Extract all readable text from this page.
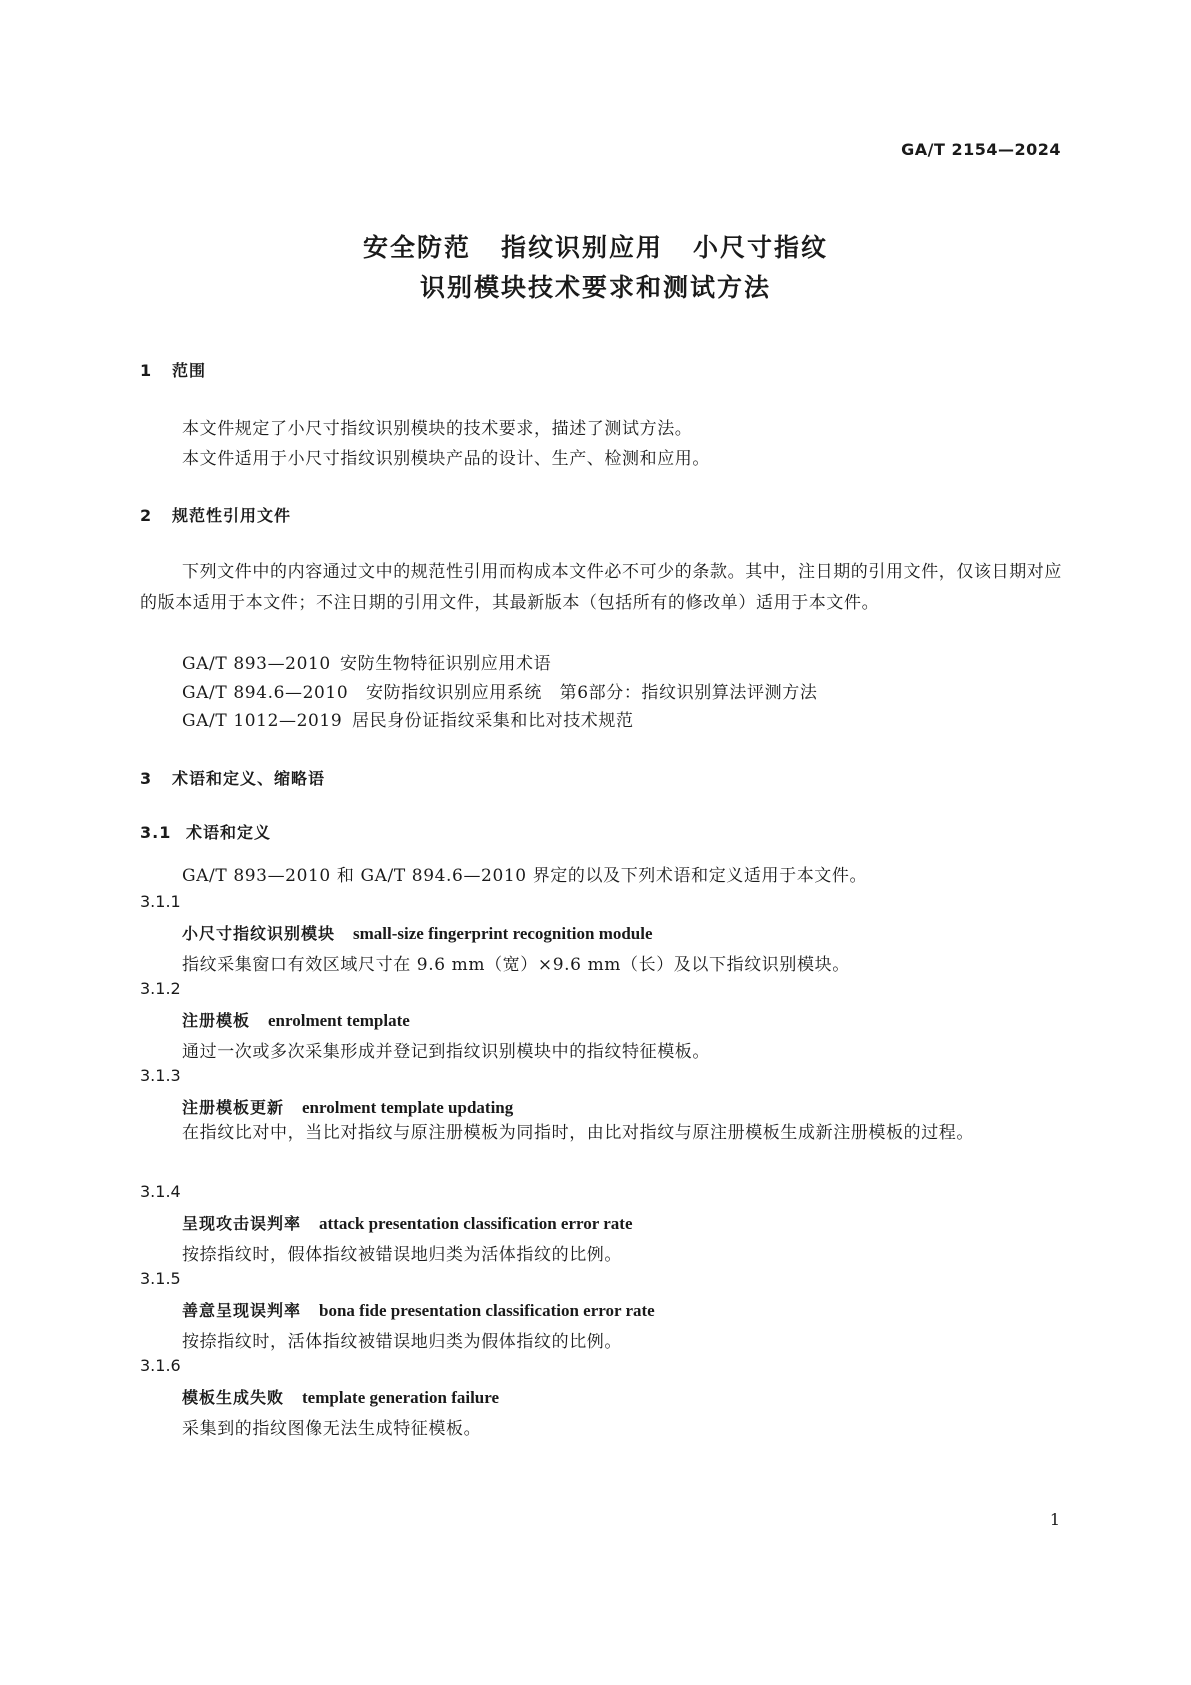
GA/T 2154—2024
安全防范 指纹识别应用 小尺寸指纹
识别模块技术要求和测试方法
1 范围
本文件规定了小尺寸指纹识别模块的技术要求，描述了测试方法。
本文件适用于小尺寸指纹识别模块产品的设计、生产、检测和应用。
2 规范性引用文件
下列文件中的内容通过文中的规范性引用而构成本文件必不可少的条款。其中，注日期的引用文件，仅该日期对应的版本适用于本文件；不注日期的引用文件，其最新版本（包括所有的修改单）适用于本文件。
GA/T 893—2010 安防生物特征识别应用术语
GA/T 894.6—2010 安防指纹识别应用系统　第6部分：指纹识别算法评测方法
GA/T 1012—2019 居民身份证指纹采集和比对技术规范
3 术语和定义、缩略语
3.1 术语和定义
GA/T 893—2010 和 GA/T 894.6—2010 界定的以及下列术语和定义适用于本文件。
3.1.1
小尺寸指纹识别模块 small-size fingerprint recognition module
指纹采集窗口有效区域尺寸在 9.6 mm（宽）×9.6 mm（长）及以下指纹识别模块。
3.1.2
注册模板 enrolment template
通过一次或多次采集形成并登记到指纹识别模块中的指纹特征模板。
3.1.3
注册模板更新 enrolment template updating
在指纹比对中，当比对指纹与原注册模板为同指时，由比对指纹与原注册模板生成新注册模板的过程。
3.1.4
呈现攻击误判率 attack presentation classification error rate
按捺指纹时，假体指纹被错误地归类为活体指纹的比例。
3.1.5
善意呈现误判率 bona fide presentation classification error rate
按捺指纹时，活体指纹被错误地归类为假体指纹的比例。
3.1.6
模板生成失败 template generation failure
采集到的指纹图像无法生成特征模板。
1
